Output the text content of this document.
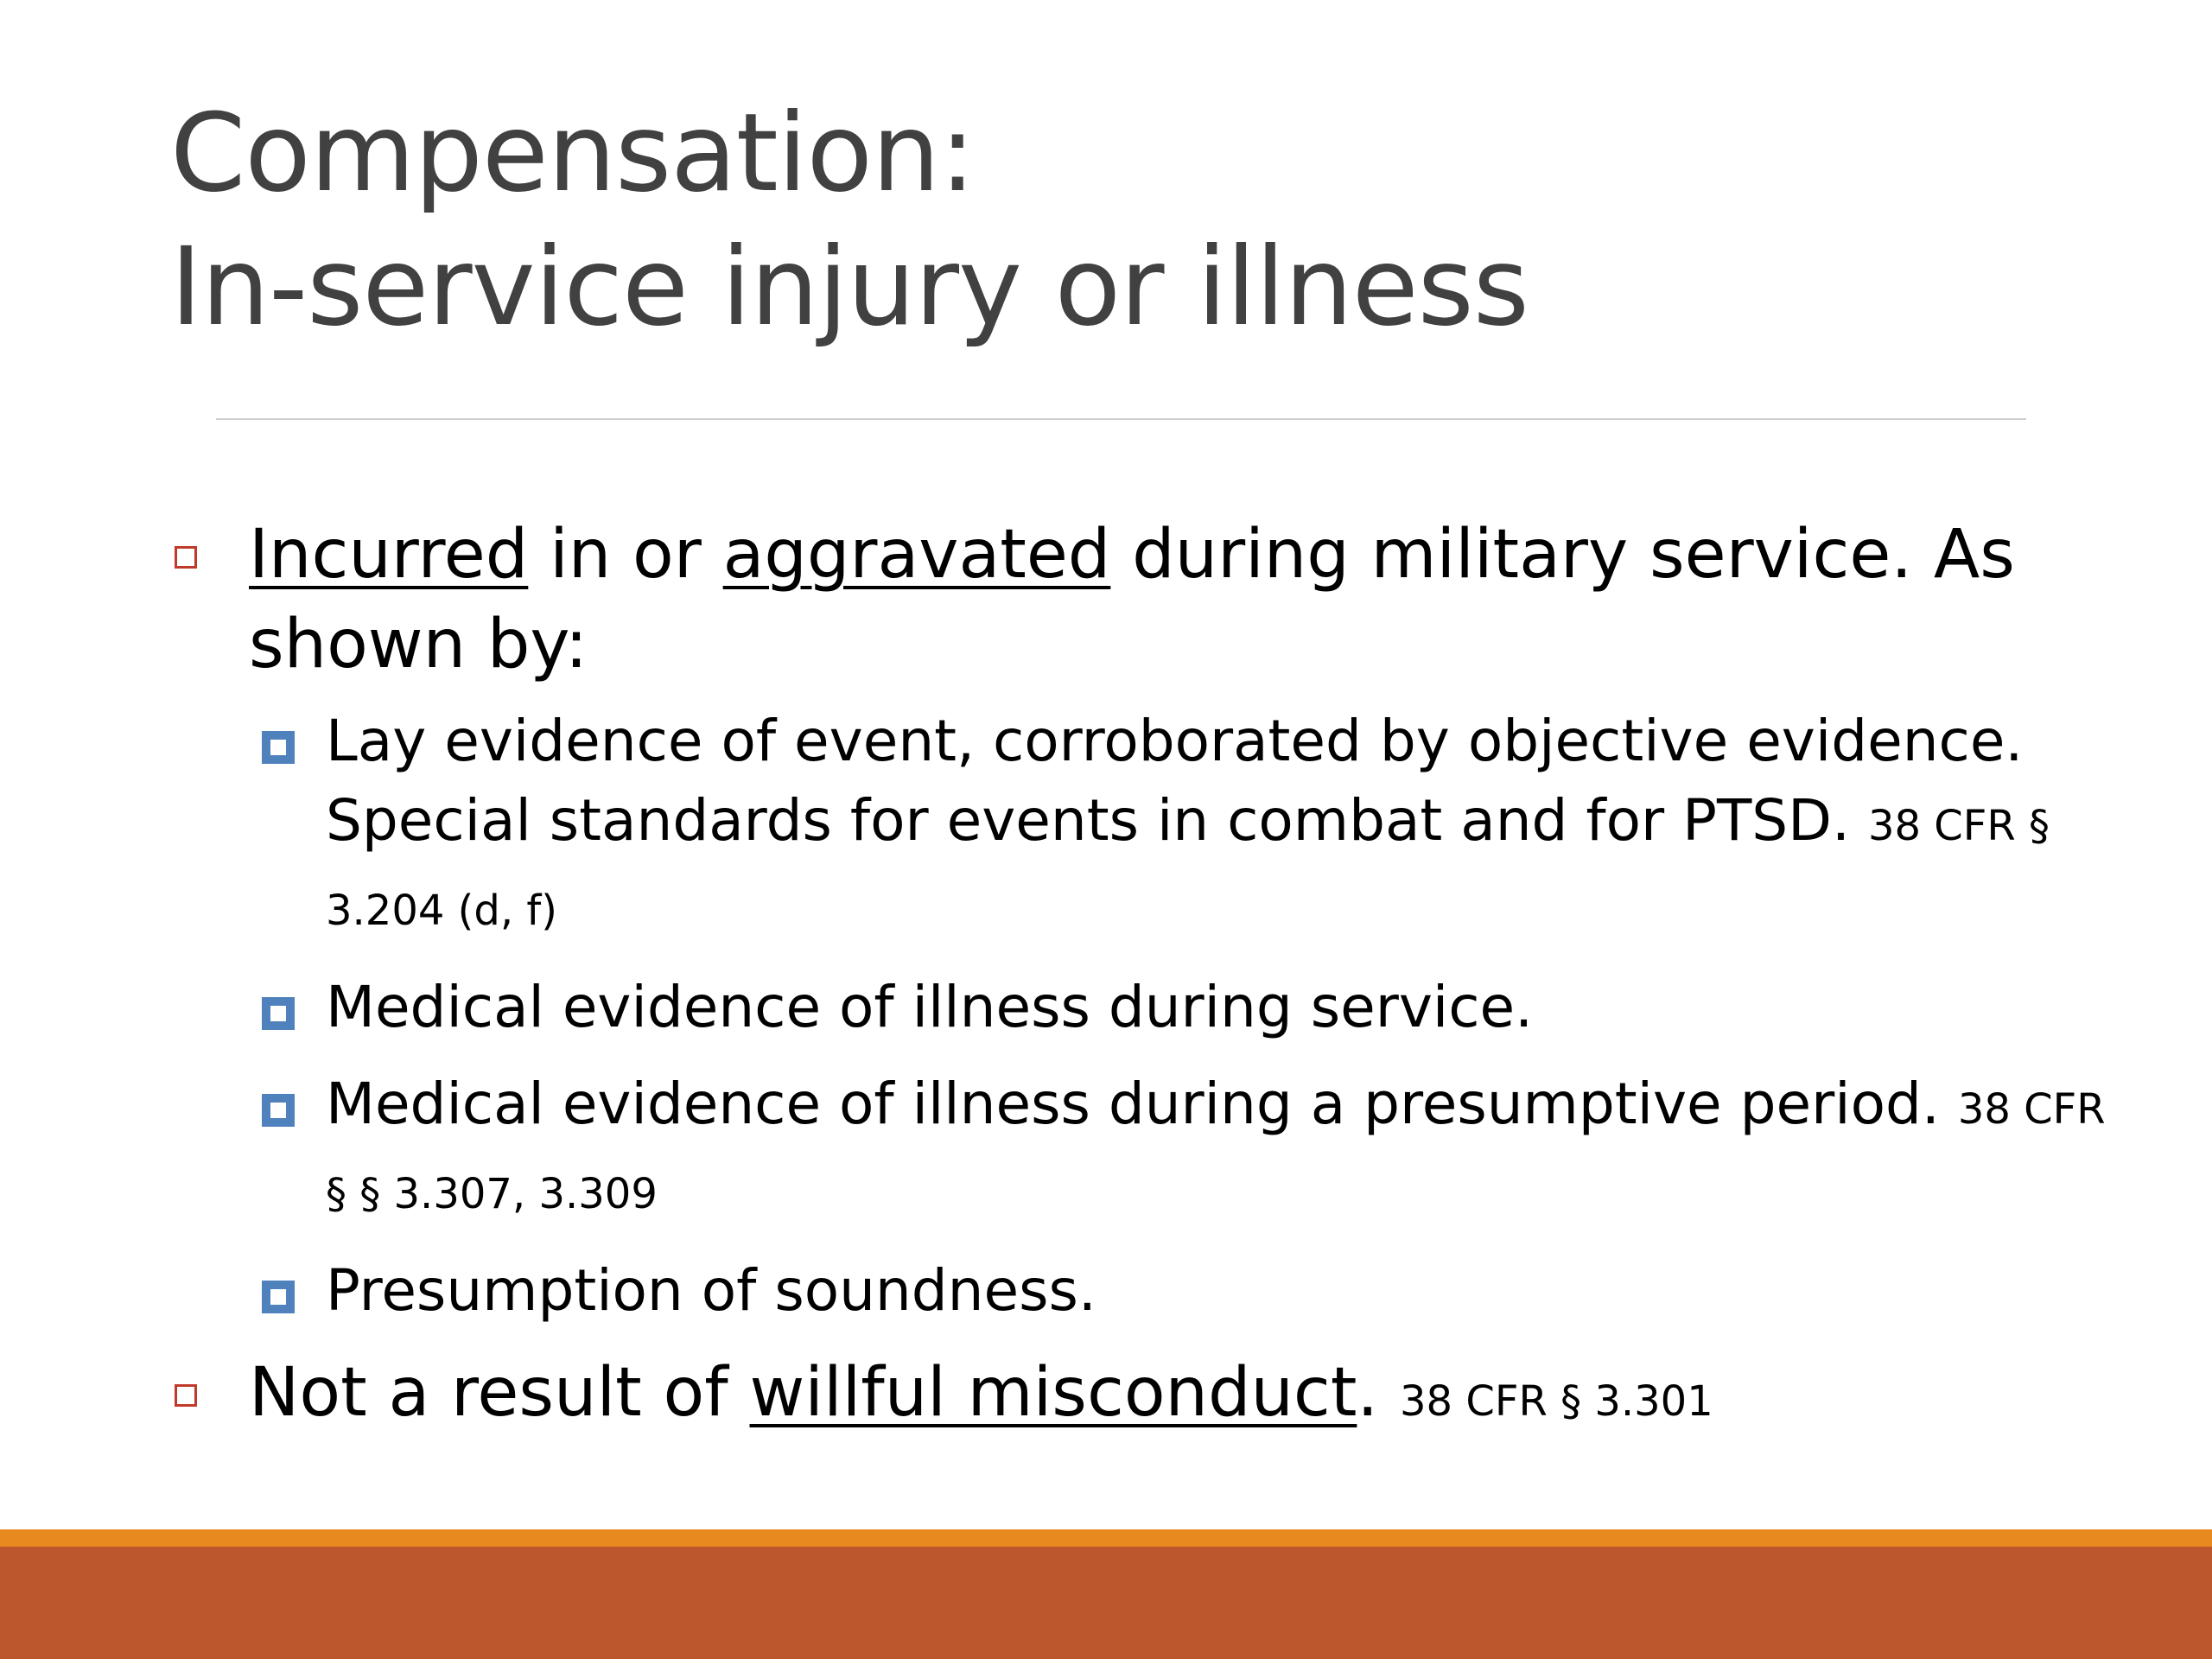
Compensation:
In-service injury or illness
Incurred in or aggravated during military service. As shown by:
Lay evidence of event, corroborated by objective evidence. Special standards for events in combat and for PTSD. 38 CFR § 3.204 (d, f)
Medical evidence of illness during service.
Medical evidence of illness during a presumptive period. 38 CFR § § 3.307, 3.309
Presumption of soundness.
Not a result of willful misconduct. 38 CFR § 3.301
